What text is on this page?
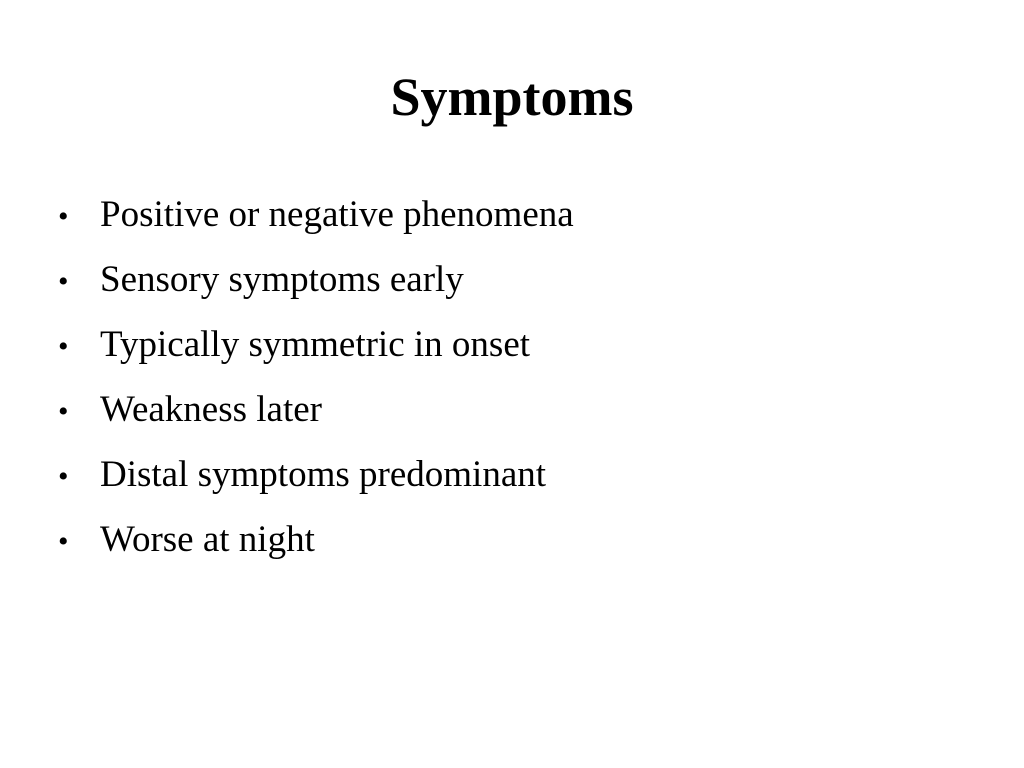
Symptoms
• Positive or negative phenomena
• Sensory symptoms early
• Typically symmetric in onset
• Weakness later
• Distal symptoms predominant
• Worse at night
